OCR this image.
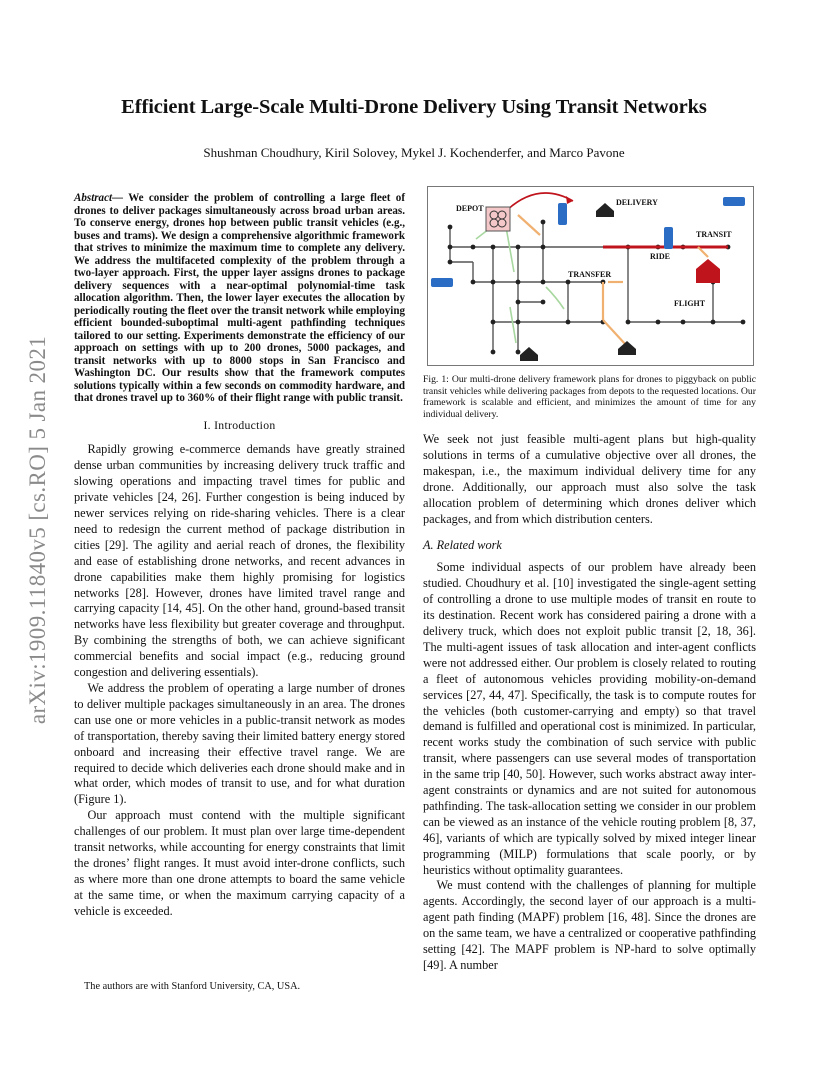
Efficient Large-Scale Multi-Drone Delivery Using Transit Networks
Shushman Choudhury, Kiril Solovey, Mykel J. Kochenderfer, and Marco Pavone
arXiv:1909.11840v5 [cs.RO] 5 Jan 2021

Abstract— We consider the problem of controlling a large fleet of drones to deliver packages simultaneously across broad urban areas. To conserve energy, drones hop between public transit vehicles (e.g., buses and trams). We design a comprehensive algorithmic framework that strives to minimize the maximum time to complete any delivery. We address the multifaceted complexity of the problem through a two-layer approach. First, the upper layer assigns drones to package delivery sequences with a near-optimal polynomial-time task allocation algorithm. Then, the lower layer executes the allocation by periodically routing the fleet over the transit network while employing efficient bounded-suboptimal multi-agent pathfinding techniques tailored to our setting. Experiments demonstrate the efficiency of our approach on settings with up to 200 drones, 5000 packages, and transit networks with up to 8000 stops in San Francisco and Washington DC. Our results show that the framework computes solutions typically within a few seconds on commodity hardware, and that drones travel up to 360% of their flight range with public transit.

I. Introduction

Rapidly growing e-commerce demands have greatly strained dense urban communities by increasing delivery truck traffic and slowing operations and impacting travel times for public and private vehicles [24, 26]. Further congestion is being induced by newer services relying on ride-sharing vehicles. There is a clear need to redesign the current method of package distribution in cities [29]. The agility and aerial reach of drones, the flexibility and ease of establishing drone networks, and recent advances in drone capabilities make them highly promising for logistics networks [28]. However, drones have limited travel range and carrying capacity [14, 45]. On the other hand, ground-based transit networks have less flexibility but greater coverage and throughput. By combining the strengths of both, we can achieve significant commercial benefits and social impact (e.g., reducing ground congestion and delivering essentials).

We address the problem of operating a large number of drones to deliver multiple packages simultaneously in an area. The drones can use one or more vehicles in a public-transit network as modes of transportation, thereby saving their limited battery energy stored onboard and increasing their effective travel range. We are required to decide which deliveries each drone should make and in what order, which modes of transit to use, and for what duration (Figure 1).

Our approach must contend with the multiple significant challenges of our problem. It must plan over large time-dependent transit networks, while accounting for energy constraints that limit the drones’ flight ranges. It must avoid inter-drone conflicts, such as where more than one drone attempts to board the same vehicle at the same time, or when the maximum carrying capacity of a vehicle is exceeded.

The authors are with Stanford University, CA, USA.
DEPOT
DELIVERY
TRANSIT
RIDE
TRANSFER
FLIGHT
Fig. 1: Our multi-drone delivery framework plans for drones to piggyback on public transit vehicles while delivering packages from depots to the requested locations. Our framework is scalable and efficient, and minimizes the amount of time for any individual delivery.

We seek not just feasible multi-agent plans but high-quality solutions in terms of a cumulative objective over all drones, the makespan, i.e., the maximum individual delivery time for any drone. Additionally, our approach must also solve the task allocation problem of determining which drones deliver which packages, and from which distribution centers.

A. Related work

Some individual aspects of our problem have already been studied. Choudhury et al. [10] investigated the single-agent setting of controlling a drone to use multiple modes of transit en route to its destination. Recent work has considered pairing a drone with a delivery truck, which does not exploit public transit [2, 18, 36]. The multi-agent issues of task allocation and inter-agent conflicts were not addressed either. Our problem is closely related to routing a fleet of autonomous vehicles providing mobility-on-demand services [27, 44, 47]. Specifically, the task is to compute routes for the vehicles (both customer-carrying and empty) so that travel demand is fulfilled and operational cost is minimized. In particular, recent works study the combination of such service with public transit, where passengers can use several modes of transportation in the same trip [40, 50]. However, such works abstract away inter-agent constraints or dynamics and are not suited for autonomous pathfinding. The task-allocation setting we consider in our problem can be viewed as an instance of the vehicle routing problem [8, 37, 46], variants of which are typically solved by mixed integer linear programming (MILP) formulations that scale poorly, or by heuristics without optimality guarantees.

We must contend with the challenges of planning for multiple agents. Accordingly, the second layer of our approach is a multi-agent path finding (MAPF) problem [16, 48]. Since the drones are on the same team, we have a centralized or cooperative pathfinding setting [42]. The MAPF problem is NP-hard to solve optimally [49]. A number
